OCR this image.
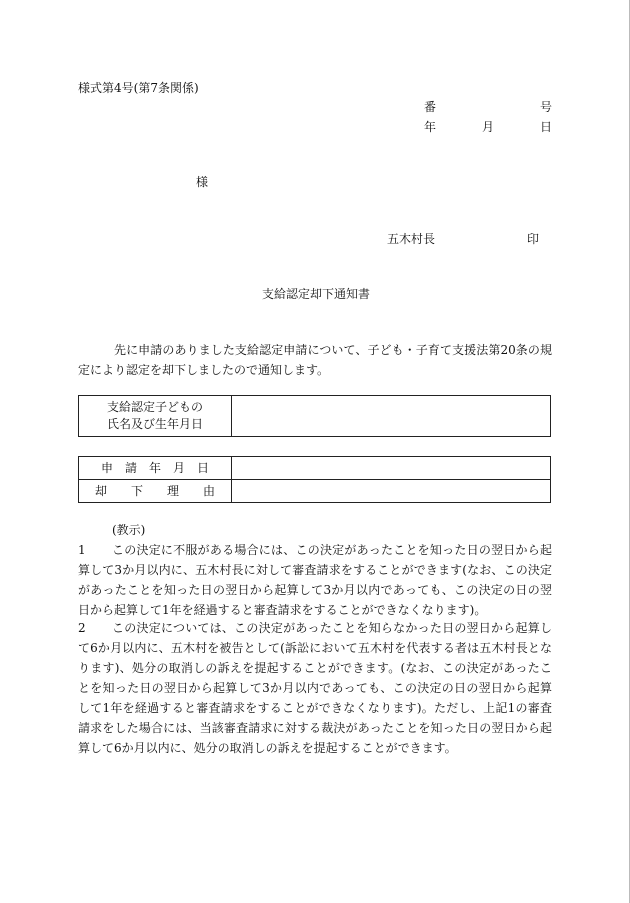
様式第4号(第7条関係)
番	号
年	月	日
様
五木村長	印
支給認定却下通知書
先に申請のありました支給認定申請について、子ども・子育て支援法第20条の規定により認定を却下しましたので通知します。
支給認定子どもの
氏名及び生年月日

申　請　年　月　日	
却　　下　　理　　由	
(教示)
1	この決定に不服がある場合には、この決定があったことを知った日の翌日から起算して3か月以内に、五木村長に対して審査請求をすることができます(なお、この決定があったことを知った日の翌日から起算して3か月以内であっても、この決定の日の翌日から起算して1年を経過すると審査請求をすることができなくなります)。
2	この決定については、この決定があったことを知らなかった日の翌日から起算して6か月以内に、五木村を被告として(訴訟において五木村を代表する者は五木村長となります)、処分の取消しの訴えを提起することができます。(なお、この決定があったことを知った日の翌日から起算して3か月以内であっても、この決定の日の翌日から起算して1年を経過すると審査請求をすることができなくなります)。ただし、上記1の審査請求をした場合には、当該審査請求に対する裁決があったことを知った日の翌日から起算して6か月以内に、処分の取消しの訴えを提起することができます。
